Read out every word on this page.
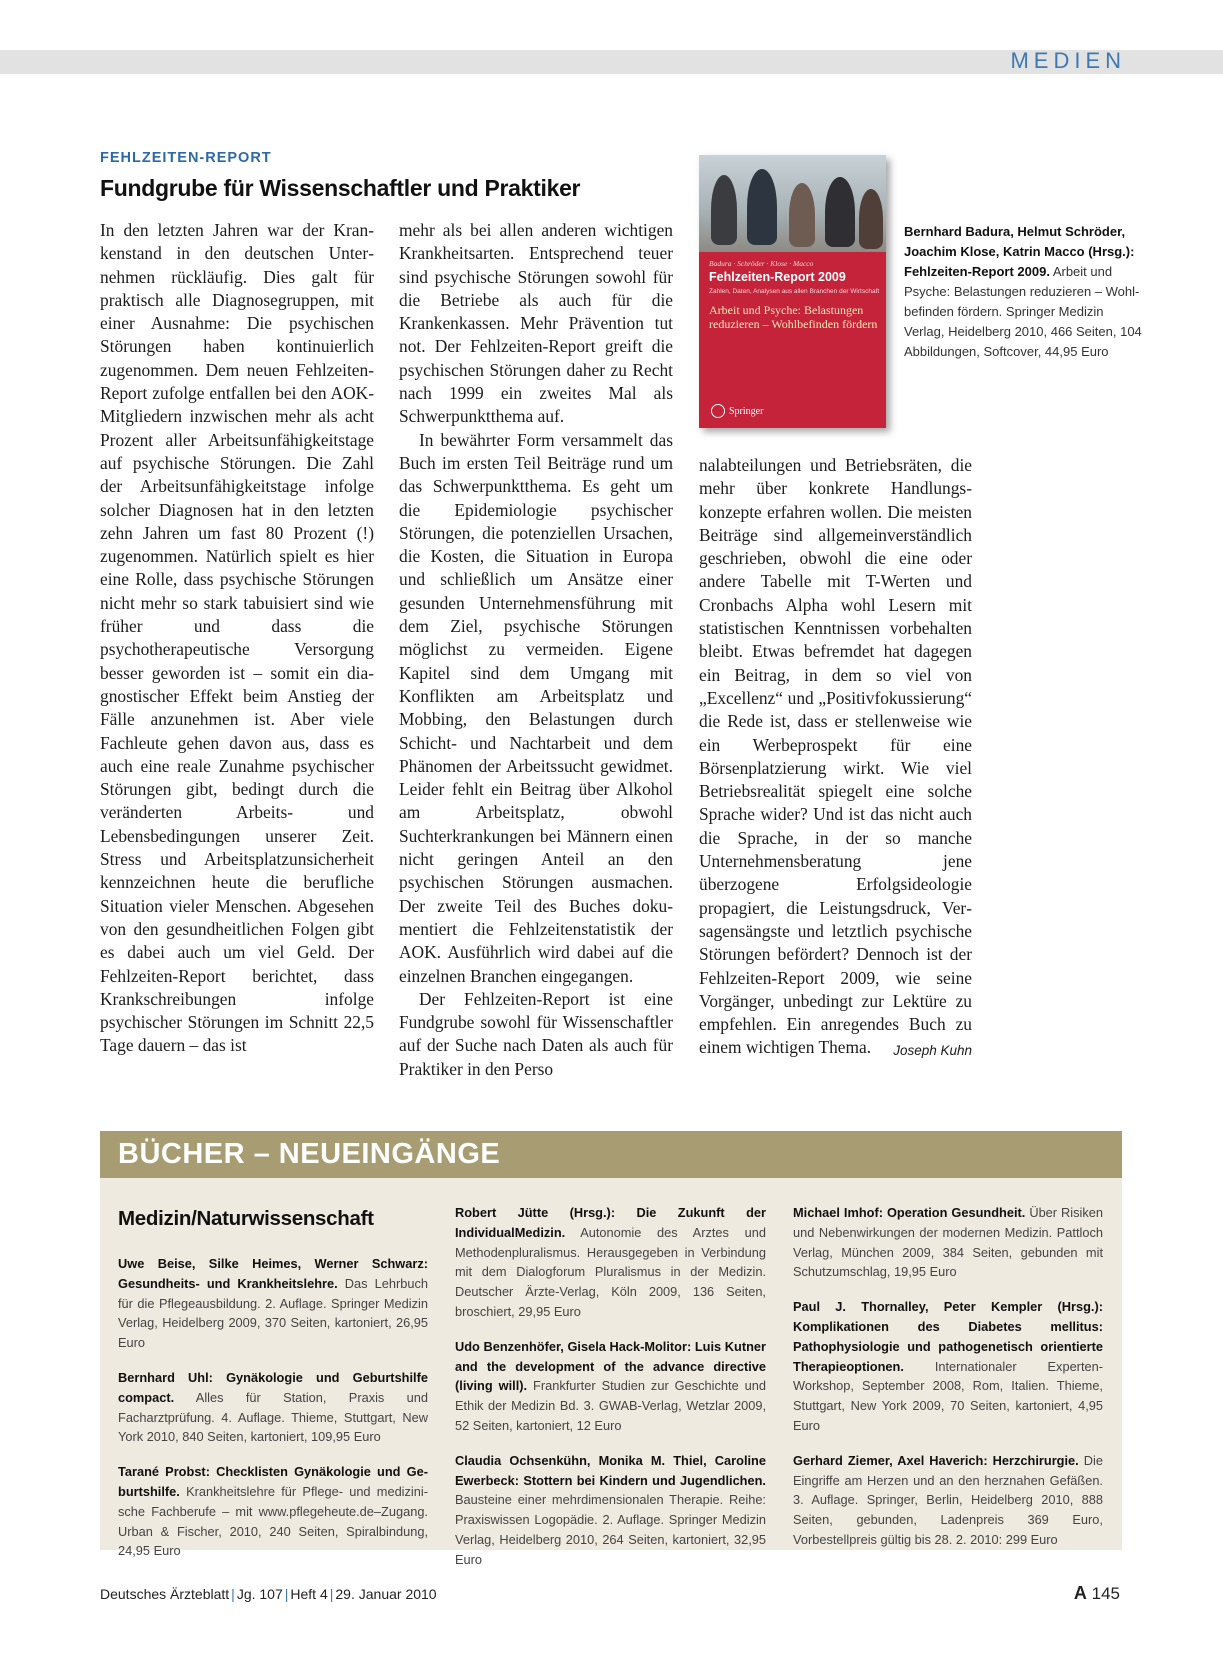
MEDIEN
FEHLZEITEN-REPORT
Fundgrube für Wissenschaftler und Praktiker

In den letzten Jahren war der Krankenstand in den deutschen Unternehmen rückläufig. Dies galt für praktisch alle Diagnosegruppen, mit einer Ausnahme: Die psychischen Störungen haben kontinuierlich zugenommen. Dem neuen Fehlzeiten-Report zufolge entfallen bei den AOK-Mitgliedern inzwischen mehr als acht Prozent aller Arbeitsunfähigkeitstage auf psychische Störungen. Die Zahl der Arbeitsunfähigkeitstage infolge solcher Diagnosen hat in den letzten zehn Jahren um fast 80 Prozent (!) zugenommen. Natürlich spielt es hier eine Rolle, dass psychische Störungen nicht mehr so stark tabuisiert sind wie früher und dass die psychotherapeutische Versorgung besser geworden ist – somit ein diagnostischer Effekt beim Anstieg der Fälle anzunehmen ist. Aber viele Fachleute gehen davon aus, dass es auch eine reale Zunahme psychischer Störungen gibt, bedingt durch die veränderten Arbeits- und Lebensbedingungen unserer Zeit. Stress und Arbeitsplatzunsicherheit kennzeichnen heute die berufliche Situation vieler Menschen. Abgesehen von den gesundheitlichen Folgen gibt es dabei auch um viel Geld. Der Fehlzeiten-Report berichtet, dass Krankschreibungen infolge psychischer Störungen im Schnitt 22,5 Tage dauern – das ist

mehr als bei allen anderen wichtigen Krankheitsarten. Entsprechend teuer sind psychische Störungen sowohl für die Betriebe als auch für die Krankenkassen. Mehr Prävention tut not. Der Fehlzeiten-Report greift die psychischen Störungen daher zu Recht nach 1999 ein zweites Mal als Schwerpunktthema auf.

In bewährter Form versammelt das Buch im ersten Teil Beiträge rund um das Schwerpunktthema. Es geht um die Epidemiologie psychischer Störungen, die potenziellen Ursachen, die Kosten, die Situation in Europa und schließlich um Ansätze einer gesunden Unternehmensführung mit dem Ziel, psychische Störungen möglichst zu vermeiden. Eigene Kapitel sind dem Umgang mit Konflikten am Arbeitsplatz und Mobbing, den Belastungen durch Schicht- und Nachtarbeit und dem Phänomen der Arbeitssucht gewidmet. Leider fehlt ein Beitrag über Alkohol am Arbeitsplatz, obwohl Suchterkrankungen bei Männern einen nicht geringen Anteil an den psychischen Störungen ausmachen. Der zweite Teil des Buches dokumentiert die Fehlzeitenstatistik der AOK. Ausführlich wird dabei auf die einzelnen Branchen eingegangen.

Der Fehlzeiten-Report ist eine Fundgrube sowohl für Wissenschaftler auf der Suche nach Daten als auch für Praktiker in den Perso

nalabteilungen und Betriebsräten, die mehr über konkrete Handlungskonzepte erfahren wollen. Die meisten Beiträge sind allgemeinverständlich geschrieben, obwohl die eine oder andere Tabelle mit T-Werten und Cronbachs Alpha wohl Lesern mit statistischen Kenntnissen vorbehalten bleibt. Etwas befremdet hat dagegen ein Beitrag, in dem so viel von „Excellenz“ und „Positivfokussierung“ die Rede ist, dass er stellenweise wie ein Werbeprospekt für eine Börsenplatzierung wirkt. Wie viel Betriebsrealität spiegelt eine solche Sprache wider? Und ist das nicht auch die Sprache, in der so manche Unternehmensberatung jene überzogene Erfolgsideologie propagiert, die Leistungsdruck, Versagensängste und letztlich psychische Störungen befördert? Dennoch ist der Fehlzeiten-Report 2009, wie seine Vorgänger, unbedingt zur Lektüre zu empfehlen. Ein anregendes Buch zu einem wichtigen Thema. Joseph Kuhn

Badura · Schröder · Klose · Macco
Fehlzeiten-Report 2009
Zahlen, Daten, Analysen aus allen Branchen der Wirtschaft
Arbeit und Psyche: Belastungen reduzieren – Wohlbefinden fördern
Springer
Bernhard Badura, Helmut Schröder, Joachim Klose, Katrin Macco (Hrsg.): Fehlzeiten-Report 2009. Arbeit und Psyche: Belastungen reduzieren – Wohlbefinden fördern. Springer Medizin Verlag, Heidelberg 2010, 466 Seiten, 104 Abbildungen, Softcover, 44,95 Euro
BÜCHER – NEUEINGÄNGE
Medizin/Naturwissenschaft
Uwe Beise, Silke Heimes, Werner Schwarz: Gesundheits- und Krankheitslehre. Das Lehrbuch für die Pflegeausbildung. 2. Auflage. Springer Medizin Verlag, Heidelberg 2009, 370 Seiten, kartoniert, 26,95 Euro
Bernhard Uhl: Gynäkologie und Geburtshilfe compact. Alles für Station, Praxis und Facharztprüfung. 4. Auflage. Thieme, Stuttgart, New York 2010, 840 Seiten, kartoniert, 109,95 Euro
Tarané Probst: Checklisten Gynäkologie und Geburtshilfe. Krankheitslehre für Pflege- und medizinische Fachberufe – mit www.pflegeheute.de–Zugang. Urban & Fischer, 2010, 240 Seiten, Spiralbindung, 24,95 Euro
Robert Jütte (Hrsg.): Die Zukunft der IndividualMedizin. Autonomie des Arztes und Methodenpluralismus. Herausgegeben in Verbindung mit dem Dialogforum Pluralismus in der Medizin. Deutscher Ärzte-Verlag, Köln 2009, 136 Seiten, broschiert, 29,95 Euro
Udo Benzenhöfer, Gisela Hack-Molitor: Luis Kutner and the development of the advance directive (living will). Frankfurter Studien zur Geschichte und Ethik der Medizin Bd. 3. GWAB-Verlag, Wetzlar 2009, 52 Seiten, kartoniert, 12 Euro
Claudia Ochsenkühn, Monika M. Thiel, Caroline Ewerbeck: Stottern bei Kindern und Jugendlichen. Bausteine einer mehrdimensionalen Therapie. Reihe: Praxiswissen Logopädie. 2. Auflage. Springer Medizin Verlag, Heidelberg 2010, 264 Seiten, kartoniert, 32,95 Euro
Michael Imhof: Operation Gesundheit. Über Risiken und Nebenwirkungen der modernen Medizin. Pattloch Verlag, München 2009, 384 Seiten, gebunden mit Schutzumschlag, 19,95 Euro
Paul J. Thornalley, Peter Kempler (Hrsg.): Komplikationen des Diabetes mellitus: Pathophysiologie und pathogenetisch orientierte Therapieoptionen. Internationaler Experten-Workshop, September 2008, Rom, Italien. Thieme, Stuttgart, New York 2009, 70 Seiten, kartoniert, 4,95 Euro
Gerhard Ziemer, Axel Haverich: Herzchirurgie. Die Eingriffe am Herzen und an den herznahen Gefäßen. 3. Auflage. Springer, Berlin, Heidelberg 2010, 888 Seiten, gebunden, Ladenpreis 369 Euro, Vorbestellpreis gültig bis 28. 2. 2010: 299 Euro
Deutsches Ärzteblatt | Jg. 107 | Heft 4 | 29. Januar 2010	A 145
